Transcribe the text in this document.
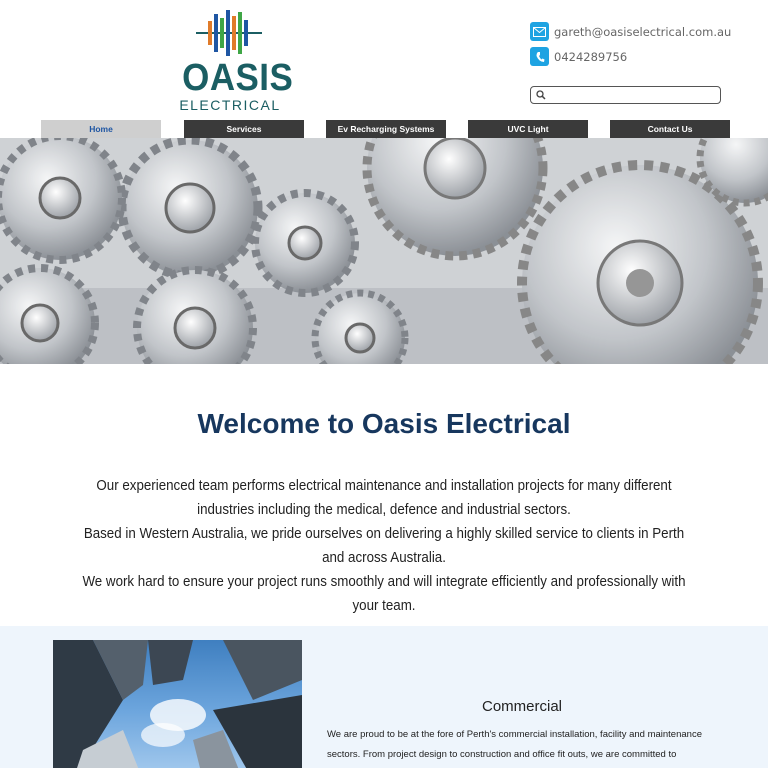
OASIS
ELECTRICAL
gareth@oasiselectrical.com.au
0424289756
Home	Services	Ev Recharging Systems	UVC Light	Contact Us
Welcome to Oasis Electrical

Our experienced team performs electrical maintenance and installation projects for many different industries including the medical, defence and industrial sectors.

Based in Western Australia, we pride ourselves on delivering a highly skilled service to clients in Perth and across Australia.

We work hard to ensure your project runs smoothly and will integrate efficiently and professionally with your team.

Commercial
We are proud to be at the fore of Perth's commercial installation, facility and maintenance sectors. From project design to construction and office fit outs, we are committed to
